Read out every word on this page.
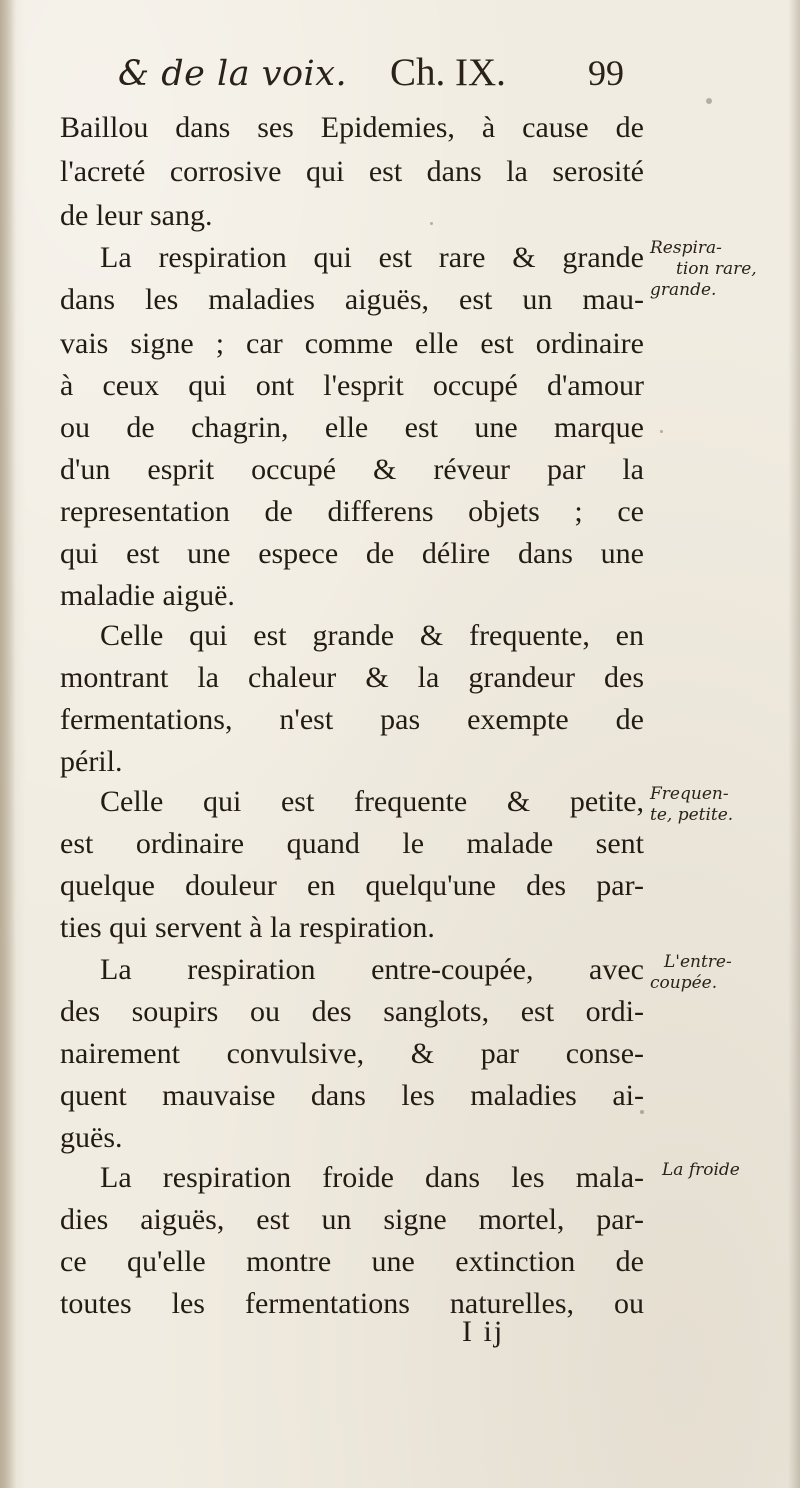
& de la voix. Ch. IX. 99
Baillou dans ses Epidemies, à cause de
l'acreté corrosive qui est dans la serosité
de leur sang.
La respiration qui est rare & grande
dans les maladies aiguës, est un mau-
vais signe ; car comme elle est ordinaire
à ceux qui ont l'esprit occupé d'amour
ou de chagrin, elle est une marque
d'un esprit occupé & réveur par la
representation de differens objets ; ce
qui est une espece de délire dans une
maladie aiguë.
Celle qui est grande & frequente, en
montrant la chaleur & la grandeur des
fermentations, n'est pas exempte de
péril.
Celle qui est frequente & petite,
est ordinaire quand le malade sent
quelque douleur en quelqu'une des par-
ties qui servent à la respiration.
La respiration entre-coupée, avec
des soupirs ou des sanglots, est ordi-
nairement convulsive, & par conse-
quent mauvaise dans les maladies ai-
guës.
La respiration froide dans les mala-
dies aiguës, est un signe mortel, par-
ce qu'elle montre une extinction de
toutes les fermentations naturelles, ou
Respira-
tion rare,
grande.
Frequen-
te, petite.
L'entre-
coupée.
La froide
I ij
